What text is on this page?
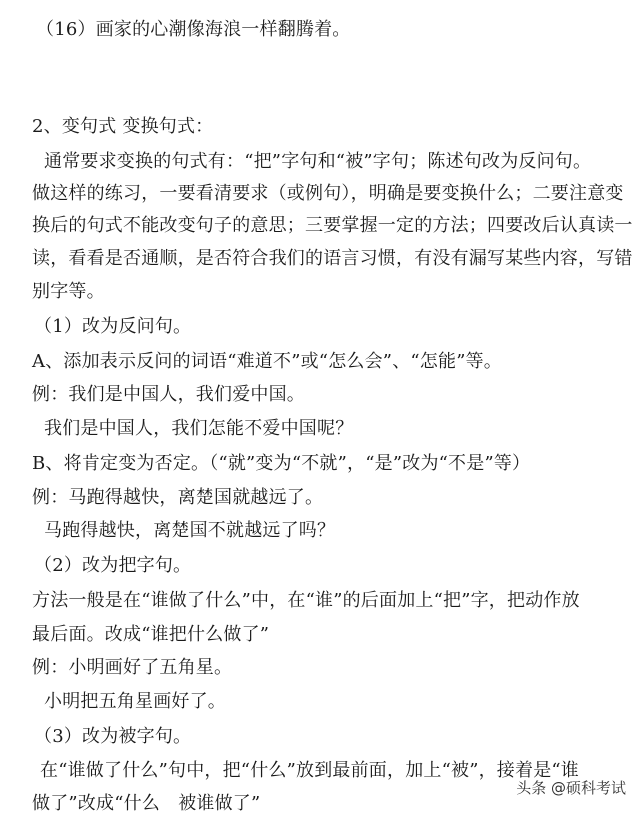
（16）画家的心潮像海浪一样翻腾着。
2、变句式 变换句式：
通常要求变换的句式有：“把”字句和“被”字句；陈述句改为反问句。
做这样的练习，一要看清要求（或例句），明确是要变换什么；二要注意变
换后的句式不能改变句子的意思；三要掌握一定的方法；四要改后认真读一
读，看看是否通顺，是否符合我们的语言习惯，有没有漏写某些内容，写错
别字等。
（1）改为反问句。
A、添加表示反问的词语“难道不”或“怎么会”、“怎能”等。
例：我们是中国人，我们爱中国。
我们是中国人，我们怎能不爱中国呢？
B、将肯定变为否定。（“就”变为“不就”，“是”改为“不是”等）
例：马跑得越快，离楚国就越远了。
马跑得越快，离楚国不就越远了吗？
（2）改为把字句。
方法一般是在“谁做了什么”中，在“谁”的后面加上“把”字，把动作放
最后面。改成“谁把什么做了”
例：小明画好了五角星。
小明把五角星画好了。
（3）改为被字句。
在“谁做了什么”句中，把“什么”放到最前面，加上“被”，接着是“谁
做了”改成“什么　被谁做了”
头条 @硕科考试
